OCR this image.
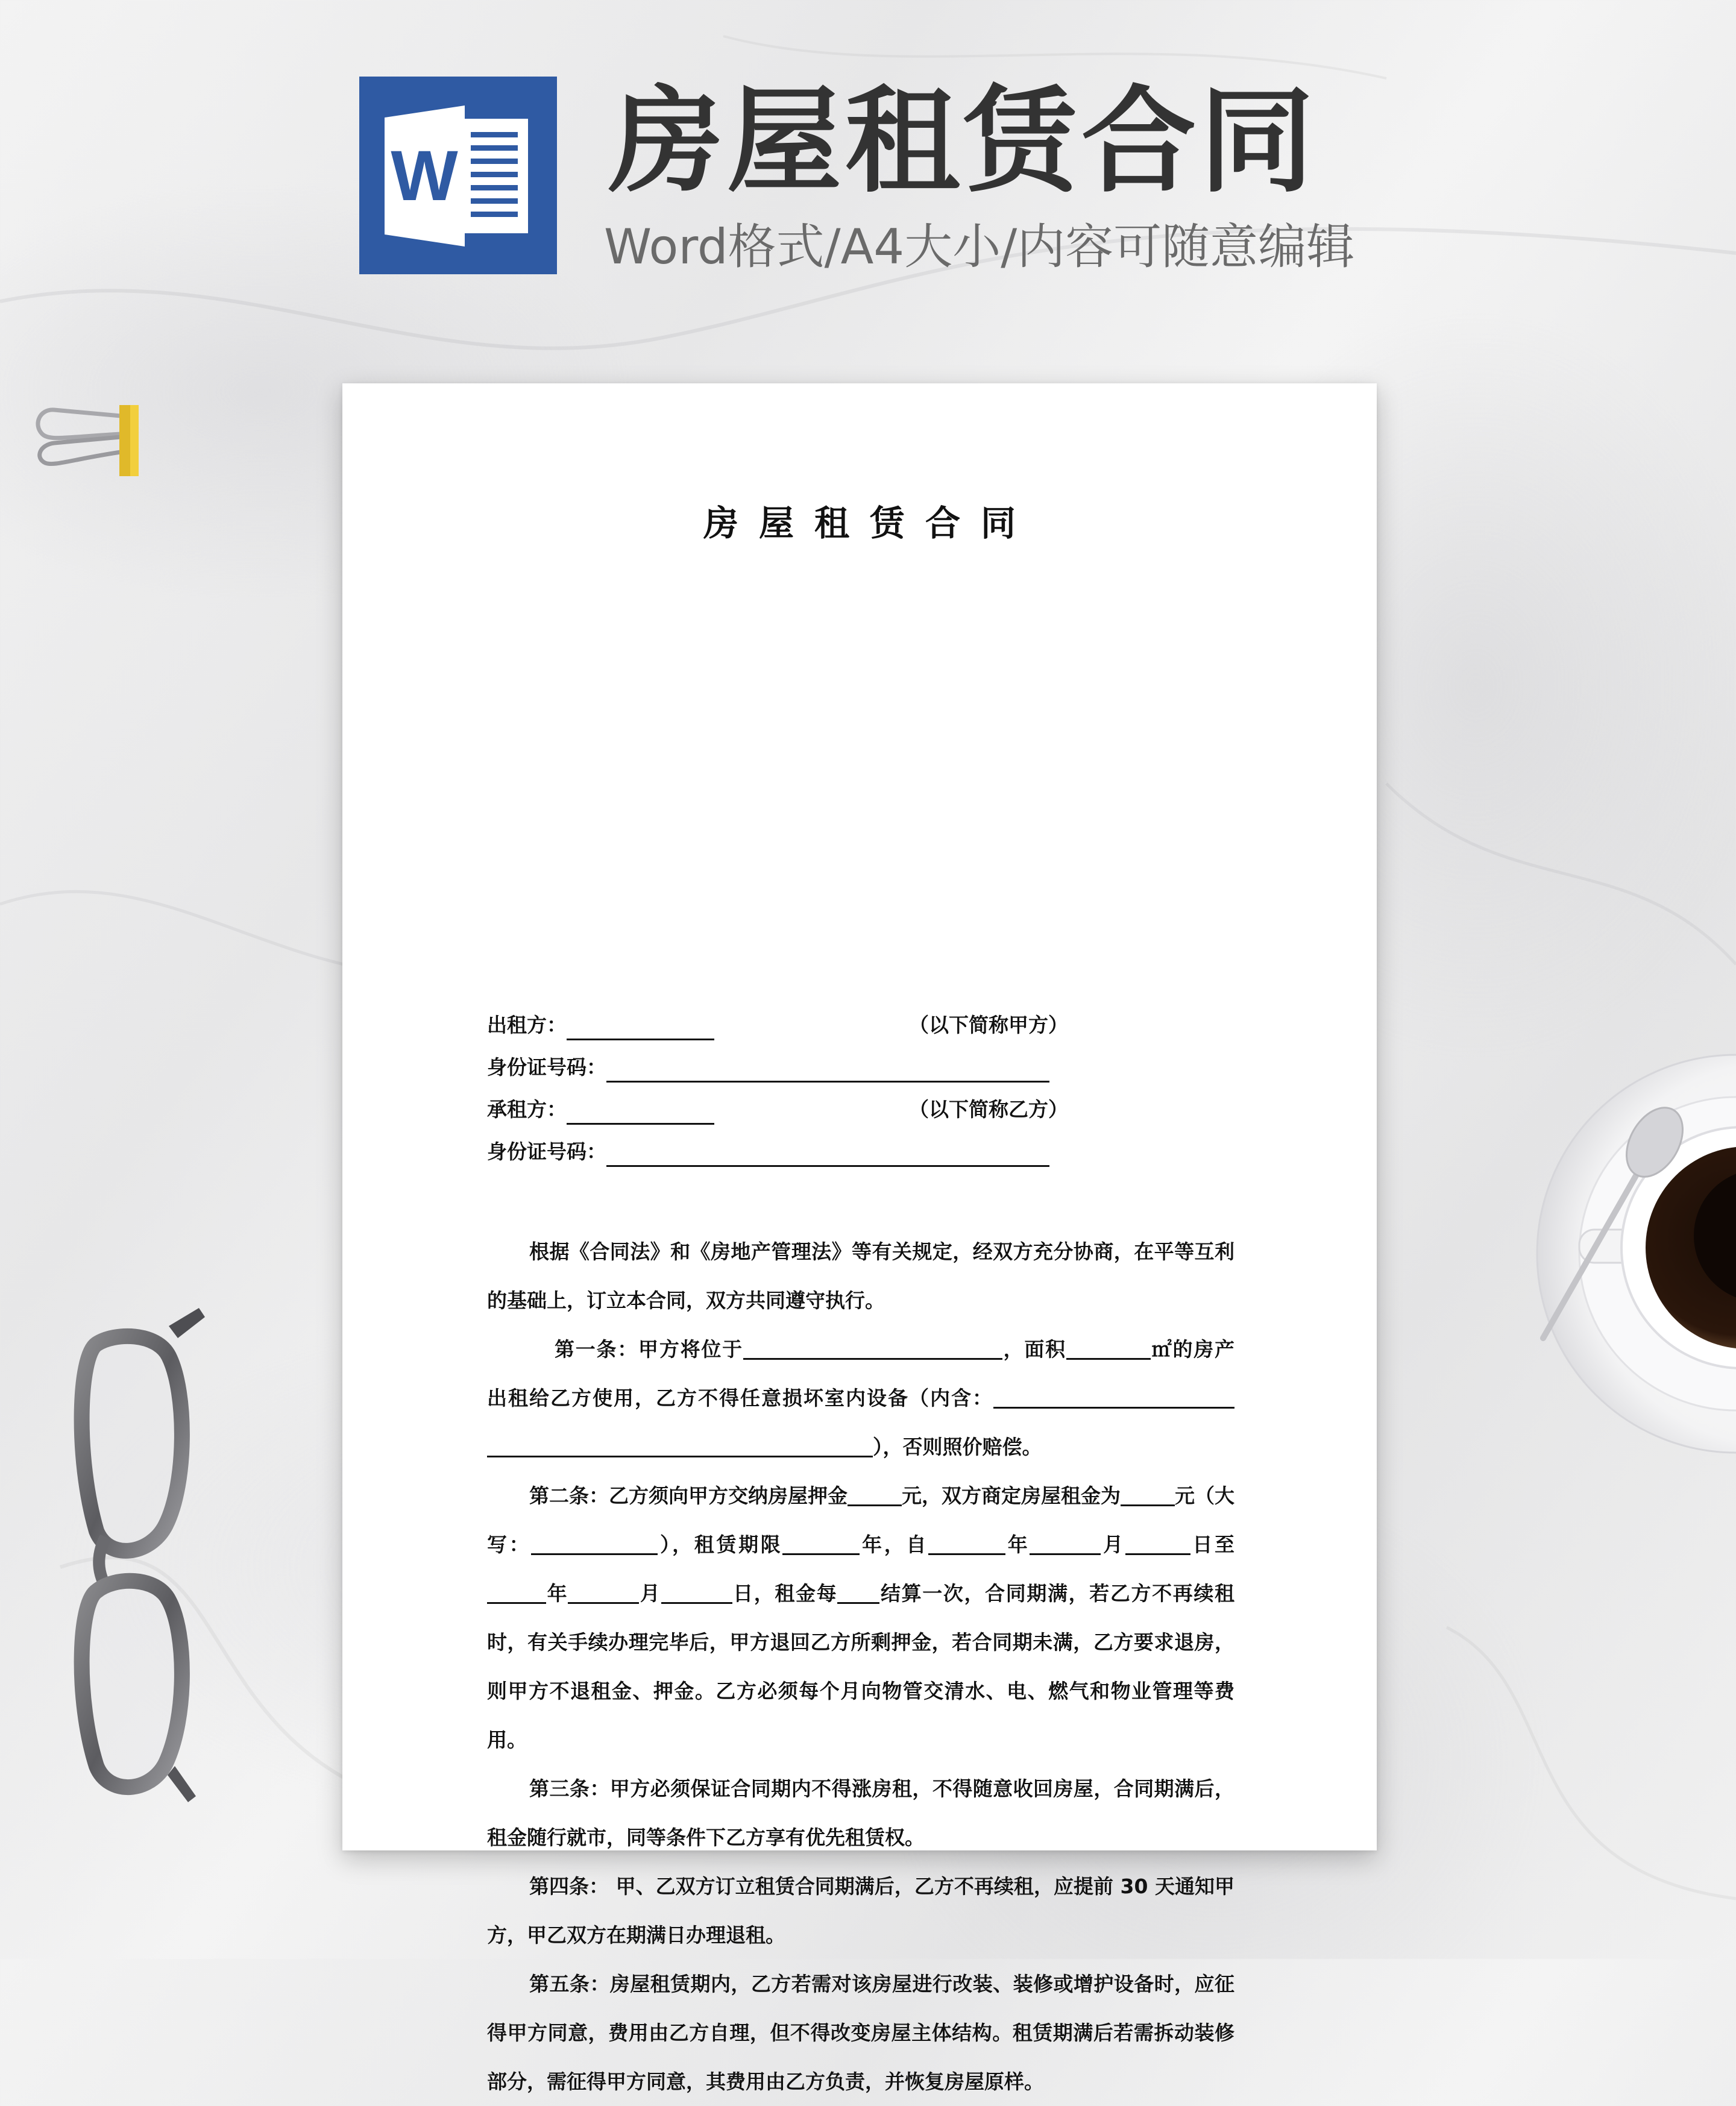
W 房屋租赁合同
Word格式/A4大小/内容可随意编辑
房屋租赁合同
出租方：	（以下简称甲方）
身份证号码：
承租方：	（以下简称乙方）
身份证号码：

根据《合同法》和《房地产管理法》等有关规定，经双方充分协商，在平等互利的基础上，订立本合同，双方共同遵守执行。

第一条：甲方将位于	，面积	㎡的房产出租给乙方使用，乙方不得任意损坏室内设备（内含：），否则照价赔偿。

第二条：乙方须向甲方交纳房屋押金	元，双方商定房屋租金为	元（大写：	），租赁期限	年，自	年	月	日至年	月	日，租金每 结算一次，合同期满，若乙方不再续租时，有关手续办理完毕后，甲方退回乙方所剩押金，若合同期未满，乙方要求退房，则甲方不退租金、押金。乙方必须每个月向物管交清水、电、燃气和物业管理等费用。

第三条：甲方必须保证合同期内不得涨房租，不得随意收回房屋，合同期满后，租金随行就市，同等条件下乙方享有优先租赁权。

第四条： 甲、乙双方订立租赁合同期满后，乙方不再续租，应提前 30 天通知甲方，甲乙双方在期满日办理退租。

第五条：房屋租赁期内，乙方若需对该房屋进行改装、装修或增护设备时，应征得甲方同意，费用由乙方自理，但不得改变房屋主体结构。租赁期满后若需拆动装修部分，需征得甲方同意，其费用由乙方负责，并恢复房屋原样。
